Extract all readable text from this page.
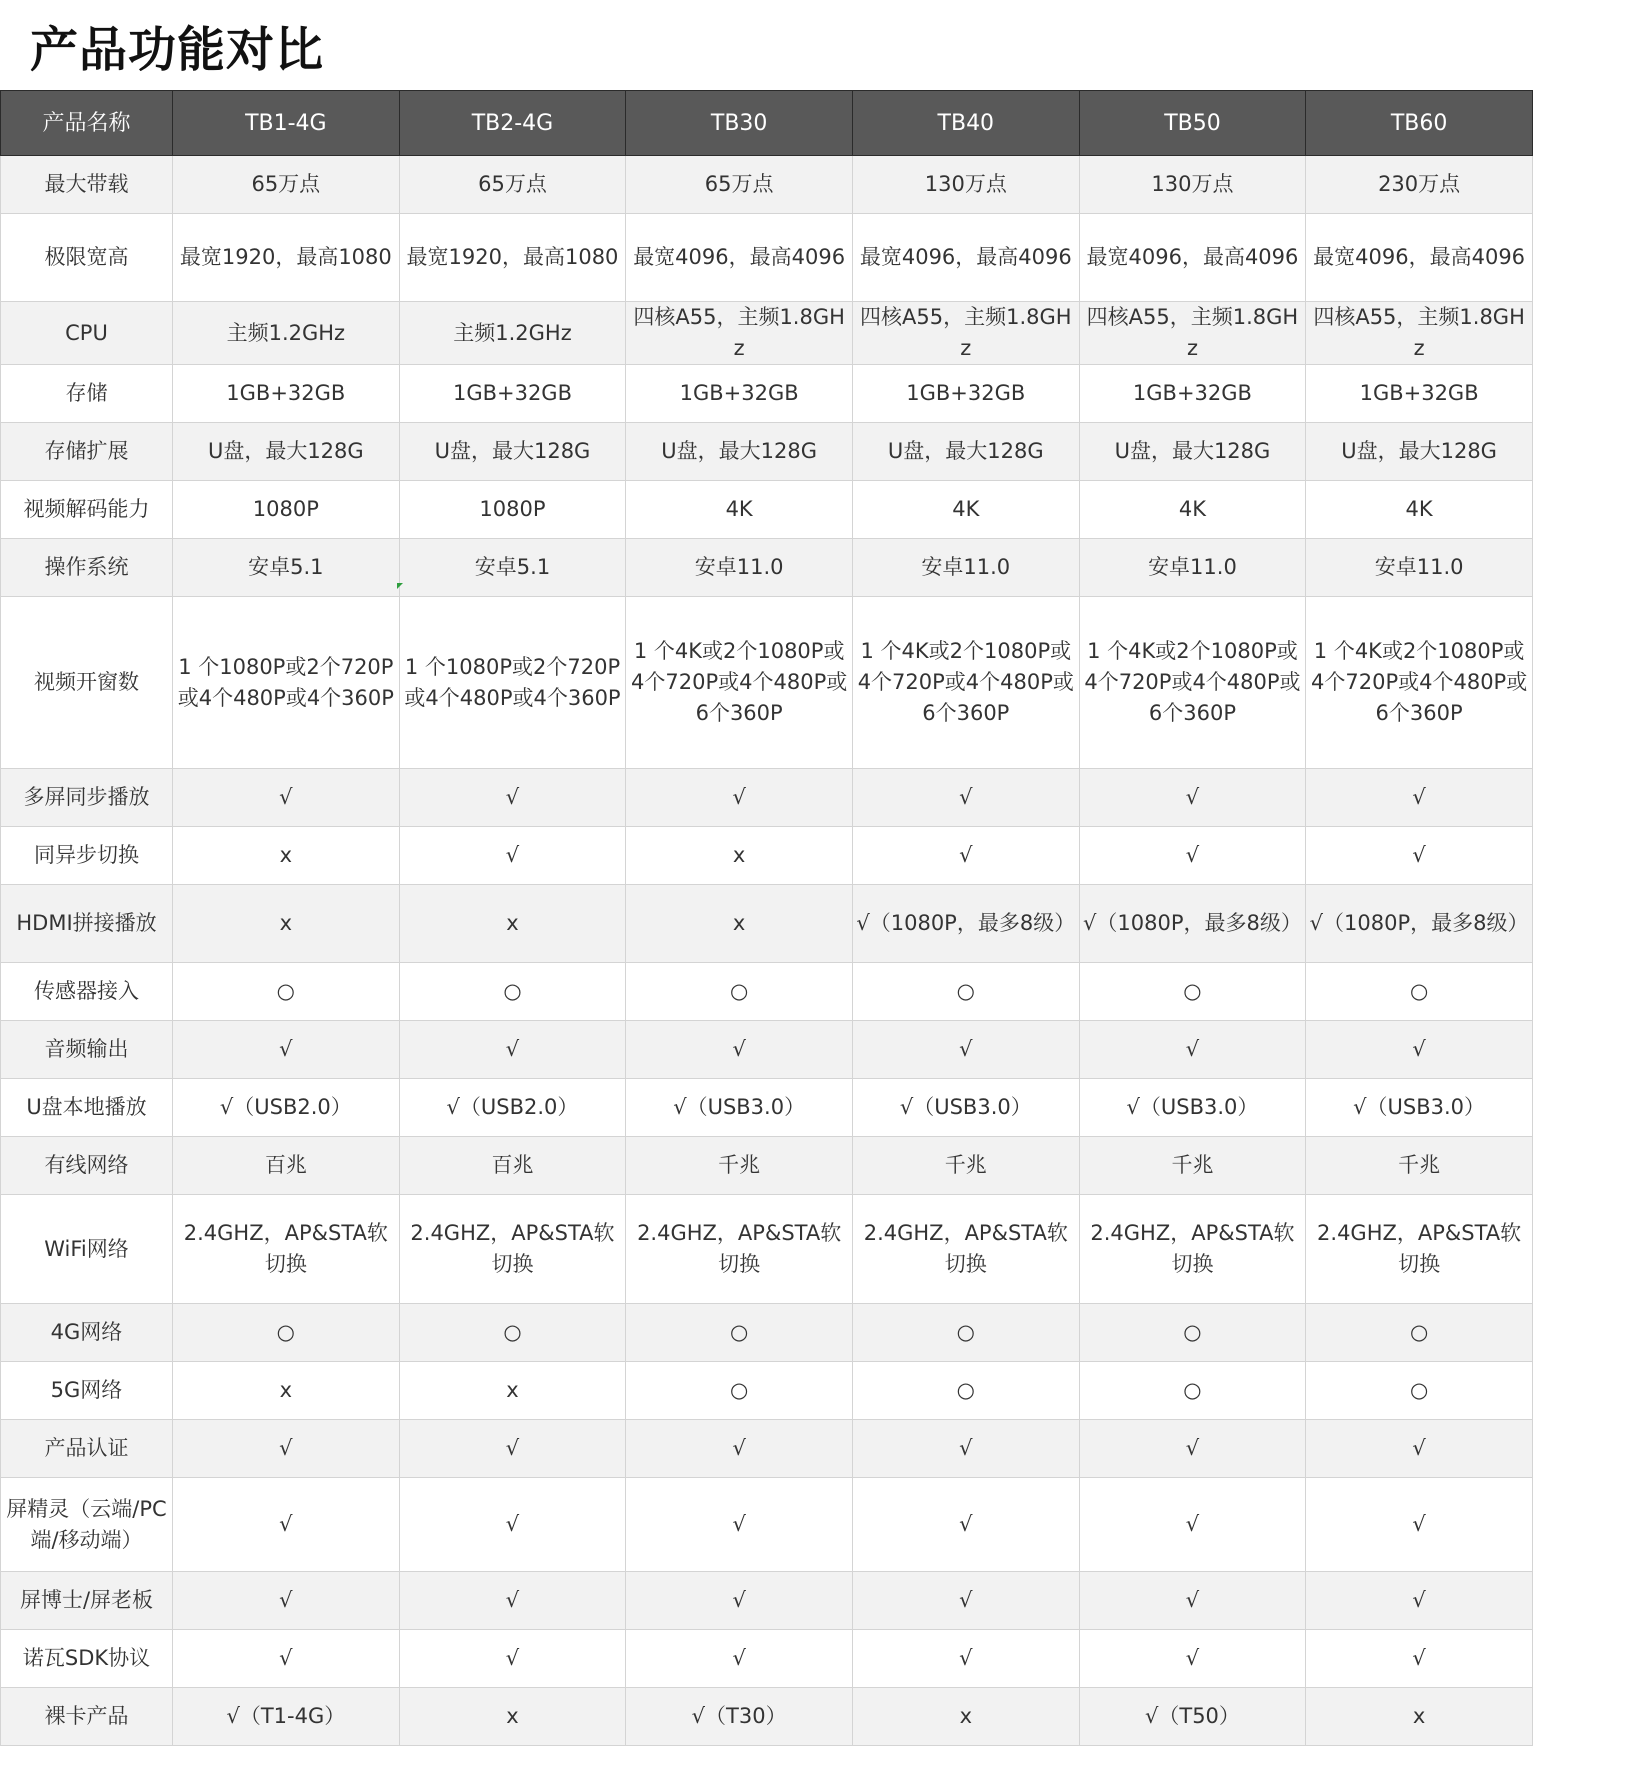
产品功能对比
产品名称	TB1-4G	TB2-4G	TB30	TB40	TB50	TB60
最大带载	65万点	65万点	65万点	130万点	130万点	230万点
极限宽高	最宽1920，最高1080	最宽1920，最高1080	最宽4096，最高4096	最宽4096，最高4096	最宽4096，最高4096	最宽4096，最高4096
CPU	主频1.2GHz	主频1.2GHz	四核A55，主频1.8GHz	四核A55，主频1.8GHz	四核A55，主频1.8GHz	四核A55，主频1.8GHz
存储	1GB+32GB	1GB+32GB	1GB+32GB	1GB+32GB	1GB+32GB	1GB+32GB
存储扩展	U盘，最大128G	U盘，最大128G	U盘，最大128G	U盘，最大128G	U盘，最大128G	U盘，最大128G
视频解码能力	1080P	1080P	4K	4K	4K	4K
操作系统	安卓5.1	安卓5.1	安卓11.0	安卓11.0	安卓11.0	安卓11.0
视频开窗数	1 个1080P或2个720P或4个480P或4个360P	1 个1080P或2个720P或4个480P或4个360P	1 个4K或2个1080P或4个720P或4个480P或6个360P	1 个4K或2个1080P或4个720P或4个480P或6个360P	1 个4K或2个1080P或4个720P或4个480P或6个360P	1 个4K或2个1080P或4个720P或4个480P或6个360P
多屏同步播放	√	√	√	√	√	√
同异步切换	x	√	x	√	√	√
HDMI拼接播放	x	x	x	√（1080P，最多8级）	√（1080P，最多8级）	√（1080P，最多8级）
传感器接入	○	○	○	○	○	○
音频输出	√	√	√	√	√	√
U盘本地播放	√（USB2.0）	√（USB2.0）	√（USB3.0）	√（USB3.0）	√（USB3.0）	√（USB3.0）
有线网络	百兆	百兆	千兆	千兆	千兆	千兆
WiFi网络	2.4GHZ，AP&STA软切换	2.4GHZ，AP&STA软切换	2.4GHZ，AP&STA软切换	2.4GHZ，AP&STA软切换	2.4GHZ，AP&STA软切换	2.4GHZ，AP&STA软切换
4G网络	○	○	○	○	○	○
5G网络	x	x	○	○	○	○
产品认证	√	√	√	√	√	√
屏精灵（云端/PC端/移动端）	√	√	√	√	√	√
屏博士/屏老板	√	√	√	√	√	√
诺瓦SDK协议	√	√	√	√	√	√
裸卡产品	√（T1-4G）	x	√（T30）	x	√（T50）	x
